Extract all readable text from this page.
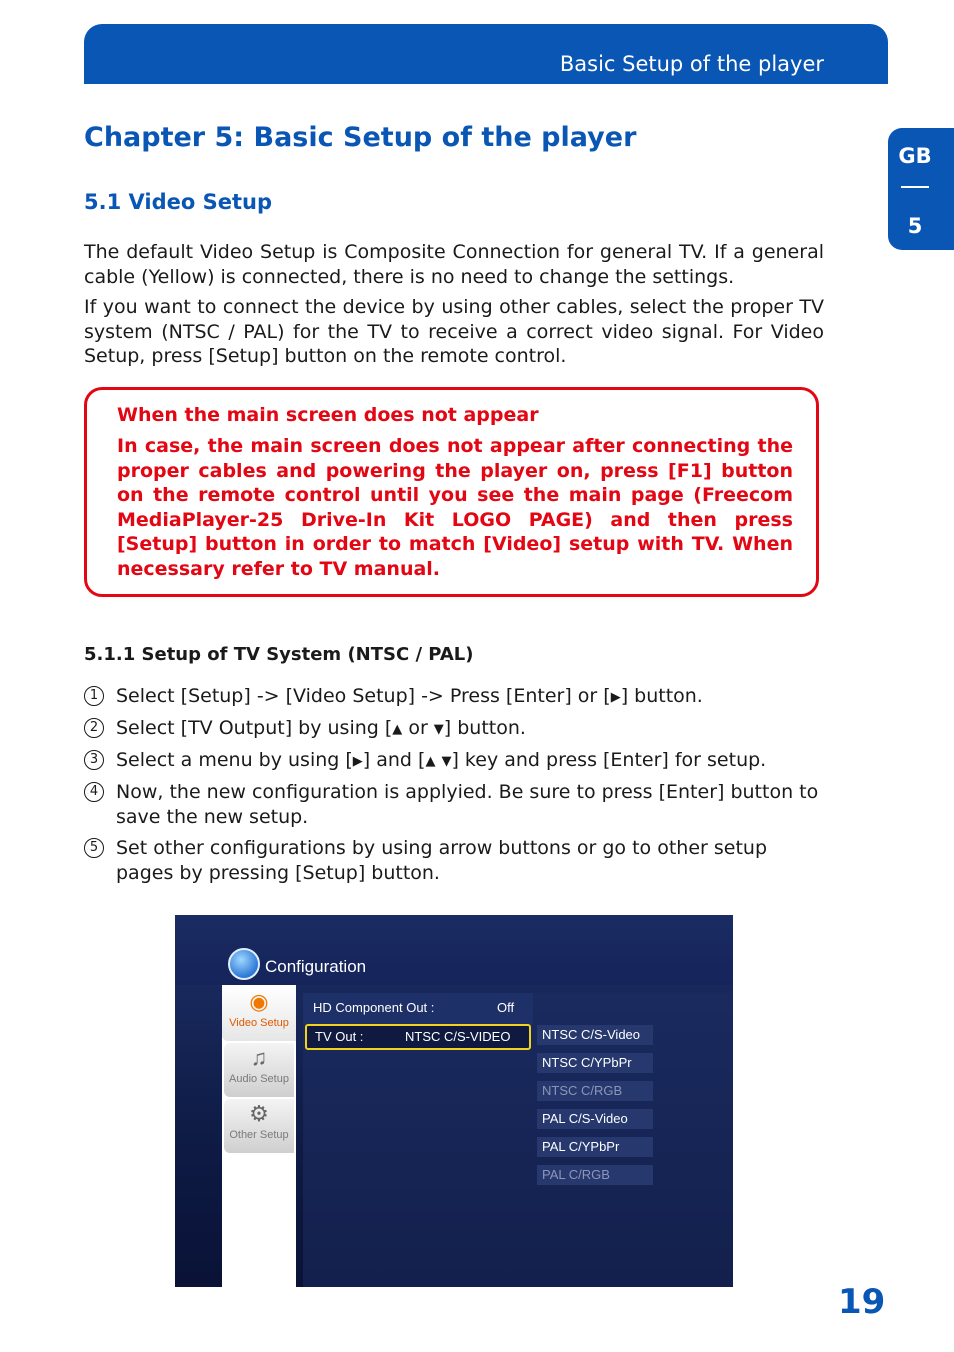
Basic Setup of the player
GB
5
Chapter 5: Basic Setup of the player
5.1 Video Setup

The default Video Setup is Composite Connection for general TV. If a general cable (Yellow) is connected, there is no need to change the settings.

If you want to connect the device by using other cables, select the proper TV system (NTSC / PAL) for the TV to receive a correct video signal. For Video Setup, press [Setup] button on the remote control.

When the main screen does not appear

In case, the main screen does not appear after connecting the proper cables and powering the player on, press [F1] button on the remote control until you see the main page (Freecom MediaPlayer-25 Drive-In Kit LOGO PAGE) and then press [Setup] button in order to match [Video] setup with TV. When necessary refer to TV manual.

5.1.1 Setup of TV System (NTSC / PAL)
1 Select [Setup] -> [Video Setup] -> Press [Enter] or [▶] button.
2 Select [TV Output] by using [▲ or ▼] button.
3 Select a menu by using [▶] and [▲ ▼] key and press [Enter] for setup.
4 Now, the new configuration is applyied. Be sure to press [Enter] button to save the new setup.
5 Set other configurations by using arrow buttons or go to other setup pages by pressing [Setup] button.
Configuration
◉
Video Setup
♫
Audio Setup
⚙
Other Setup
HD Component Out :	Off
TV Out :	NTSC C/S-VIDEO	NTSC C/S-Video
NTSC C/YPbPr
NTSC C/RGB
PAL C/S-Video
PAL C/YPbPr
PAL C/RGB

19
